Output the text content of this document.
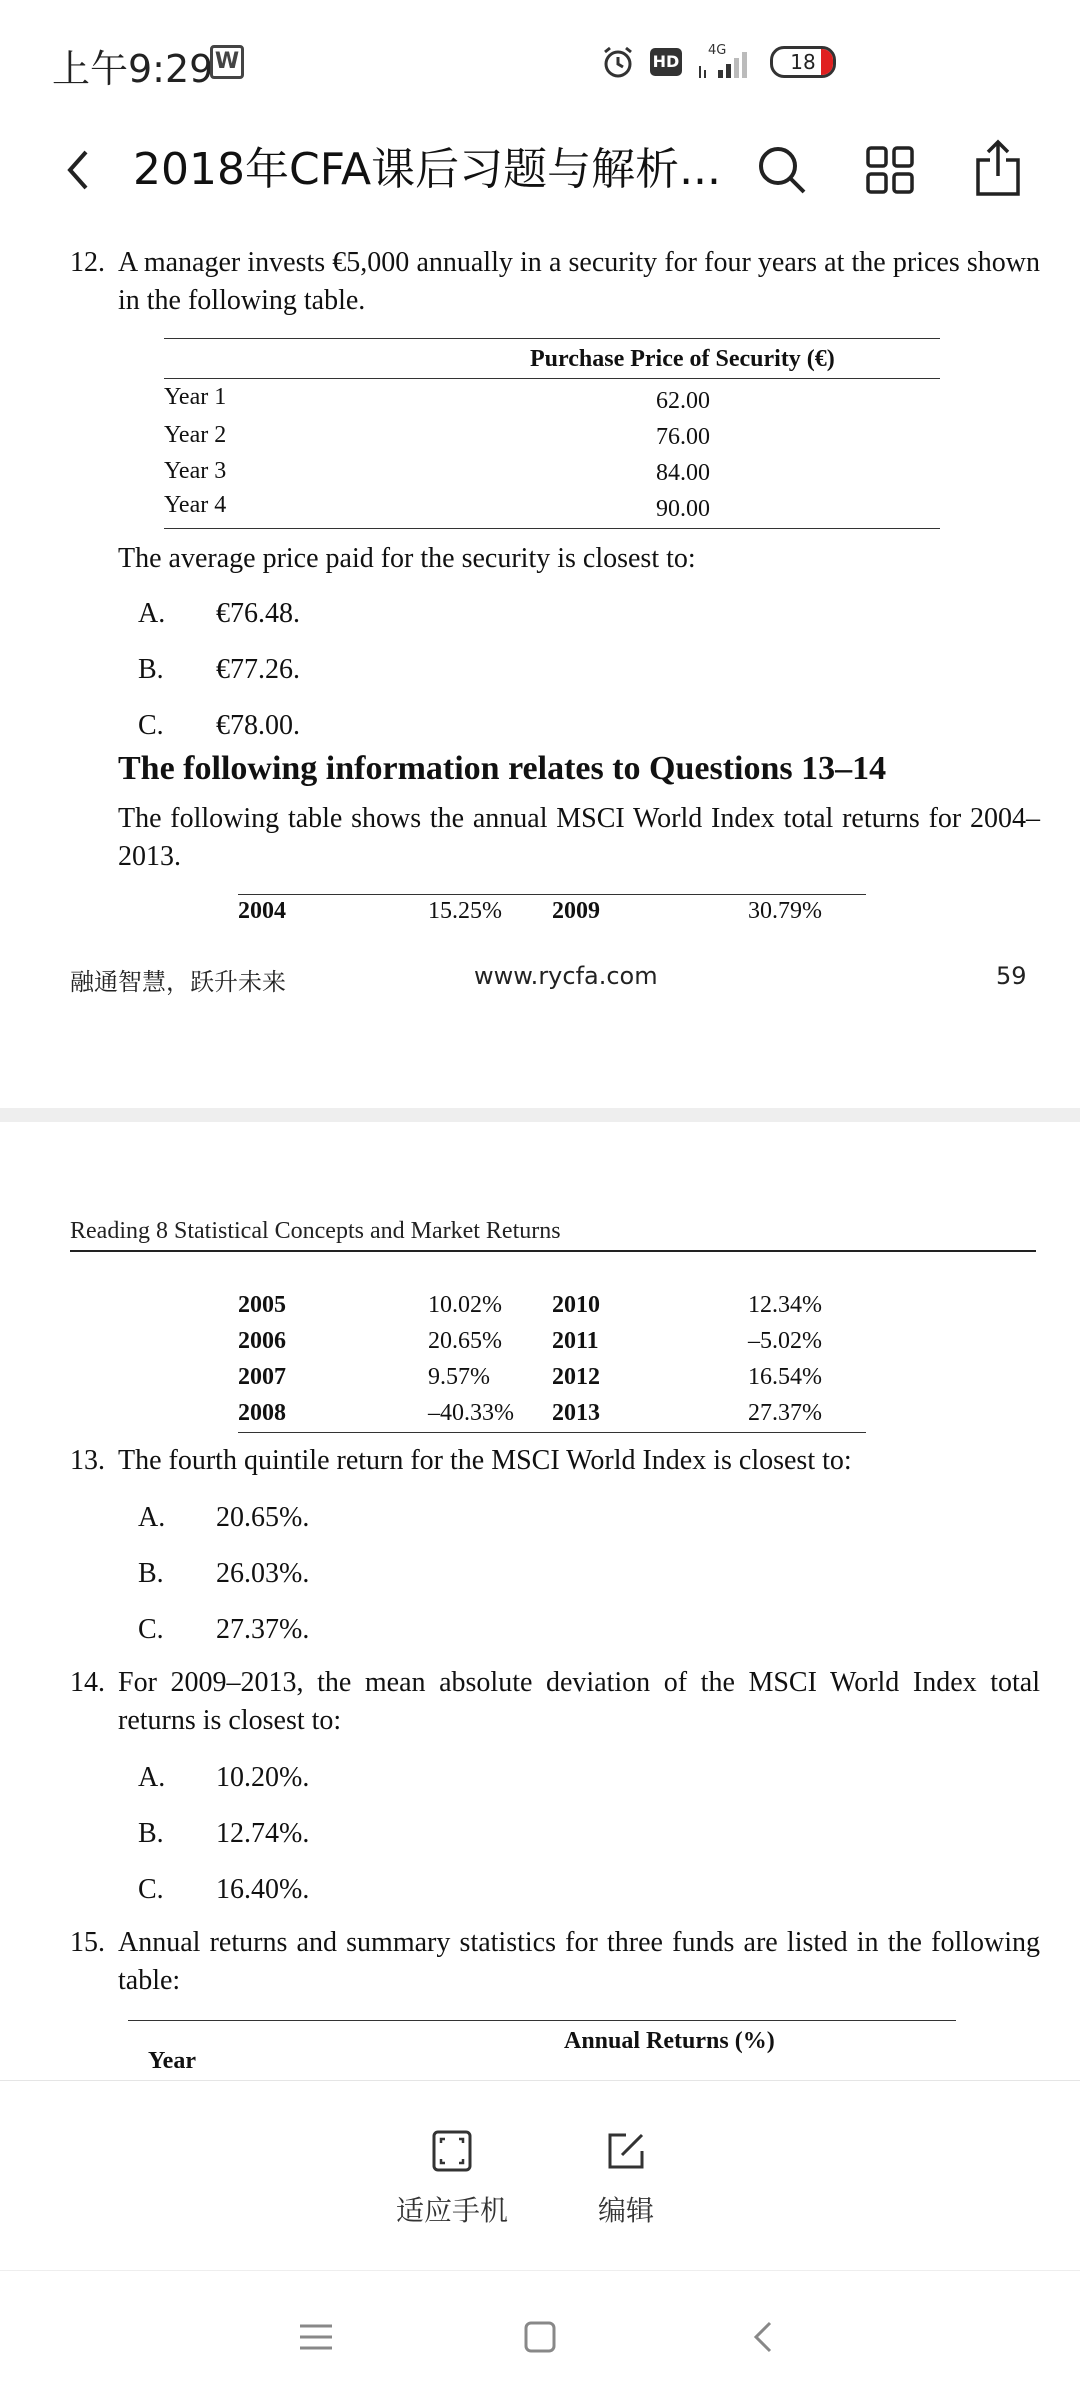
上午9:29 W	HD
4G	18
2018年CFA课后习题与解析...
12. A manager invests €5,000 annually in a security for four years at the prices shown in the following table.
Purchase Price of Security (€)
Year 1	62.00
Year 2	76.00
Year 3	84.00
Year 4	90.00
The average price paid for the security is closest to:
A. €76.48.
B. €77.26.
C. €78.00.
The following information relates to Questions 13–14
The following table shows the annual MSCI World Index total returns for 2004–2013.
2004	15.25% 2009	30.79%
融通智慧，跃升未来	www.rycfa.com	59
Reading 8 Statistical Concepts and Market Returns
2005	10.02% 2010	12.34%
2006	20.65% 2011	–5.02%
2007	9.57%	2012	16.54%
2008	–40.33% 2013	27.37%
13. The fourth quintile return for the MSCI World Index is closest to:
A. 20.65%.
B. 26.03%.
C. 27.37%.
14. For 2009–2013, the mean absolute deviation of the MSCI World Index total returns is closest to:
A. 10.20%.
B. 12.74%.
C. 16.40%.
15. Annual returns and summary statistics for three funds are listed in the following table:
Annual Returns (%)
Year
适应手机	编辑
